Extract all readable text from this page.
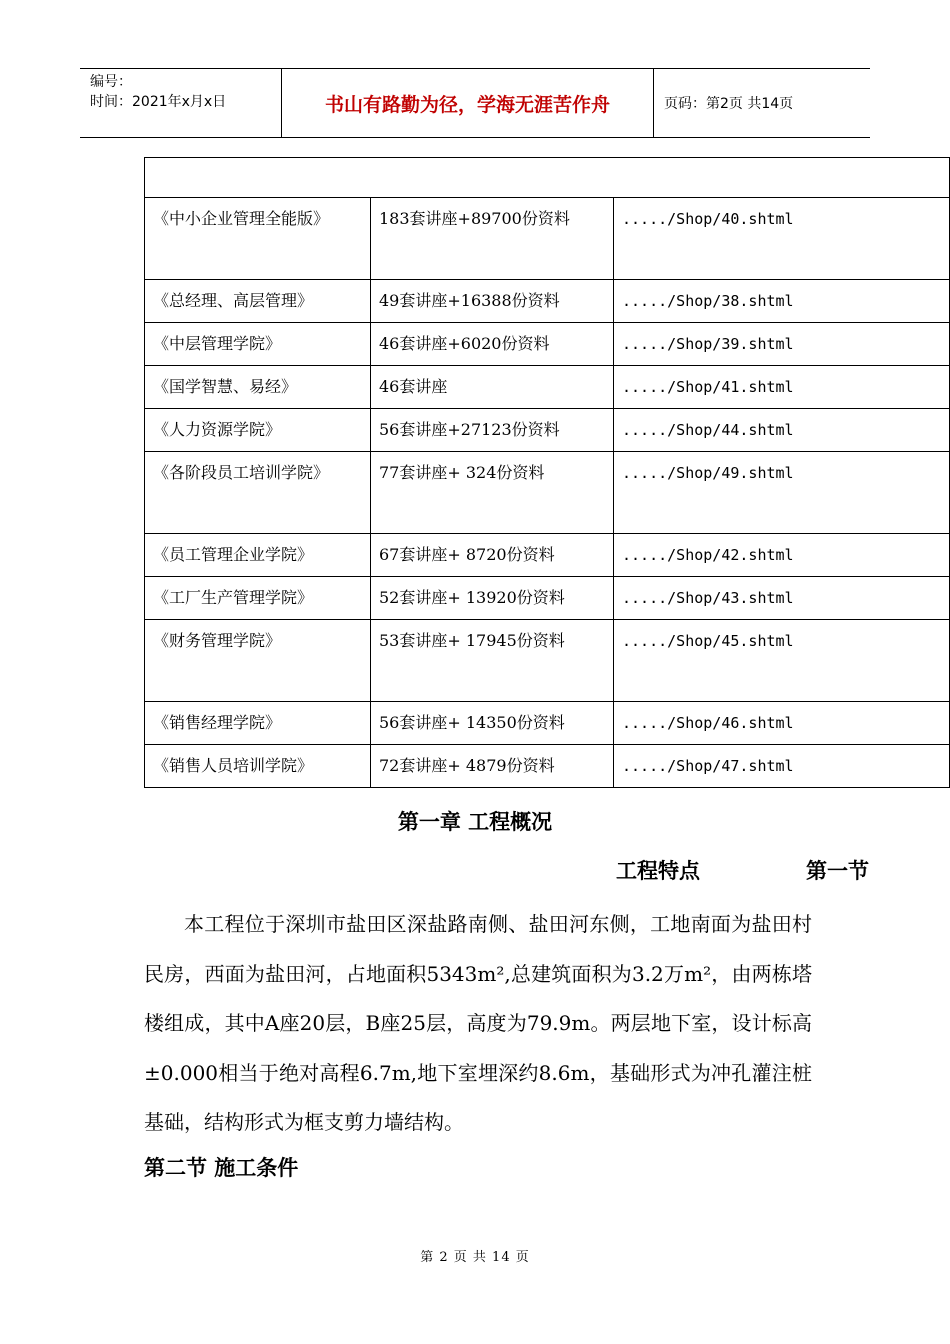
编号：
时间：2021年x月x日	书山有路勤为径，学海无涯苦作舟	页码：第2页 共14页

《中小企业管理全能版》	183套讲座+89700份资料	...../Shop/40.shtml
《总经理、高层管理》	49套讲座+16388份资料	...../Shop/38.shtml
《中层管理学院》	46套讲座+6020份资料	...../Shop/39.shtml
《国学智慧、易经》	46套讲座	...../Shop/41.shtml
《人力资源学院》	56套讲座+27123份资料	...../Shop/44.shtml
《各阶段员工培训学院》	77套讲座+ 324份资料	...../Shop/49.shtml
《员工管理企业学院》	67套讲座+ 8720份资料	...../Shop/42.shtml
《工厂生产管理学院》	52套讲座+ 13920份资料	...../Shop/43.shtml
《财务管理学院》	53套讲座+ 17945份资料	...../Shop/45.shtml
《销售经理学院》	56套讲座+ 14350份资料	...../Shop/46.shtml
《销售人员培训学院》	72套讲座+ 4879份资料	...../Shop/47.shtml
第一章 工程概况
工程特点	第一节
本工程位于深圳市盐田区深盐路南侧、盐田河东侧，工地南面为盐田村民房，西面为盐田河，占地面积5343m²,总建筑面积为3.2万m²，由两栋塔楼组成，其中A座20层，B座25层，高度为79.9m。两层地下室，设计标高±0.000相当于绝对高程6.7m,地下室埋深约8.6m，基础形式为冲孔灌注桩基础，结构形式为框支剪力墙结构。
第二节 施工条件
第 2 页 共 14 页
